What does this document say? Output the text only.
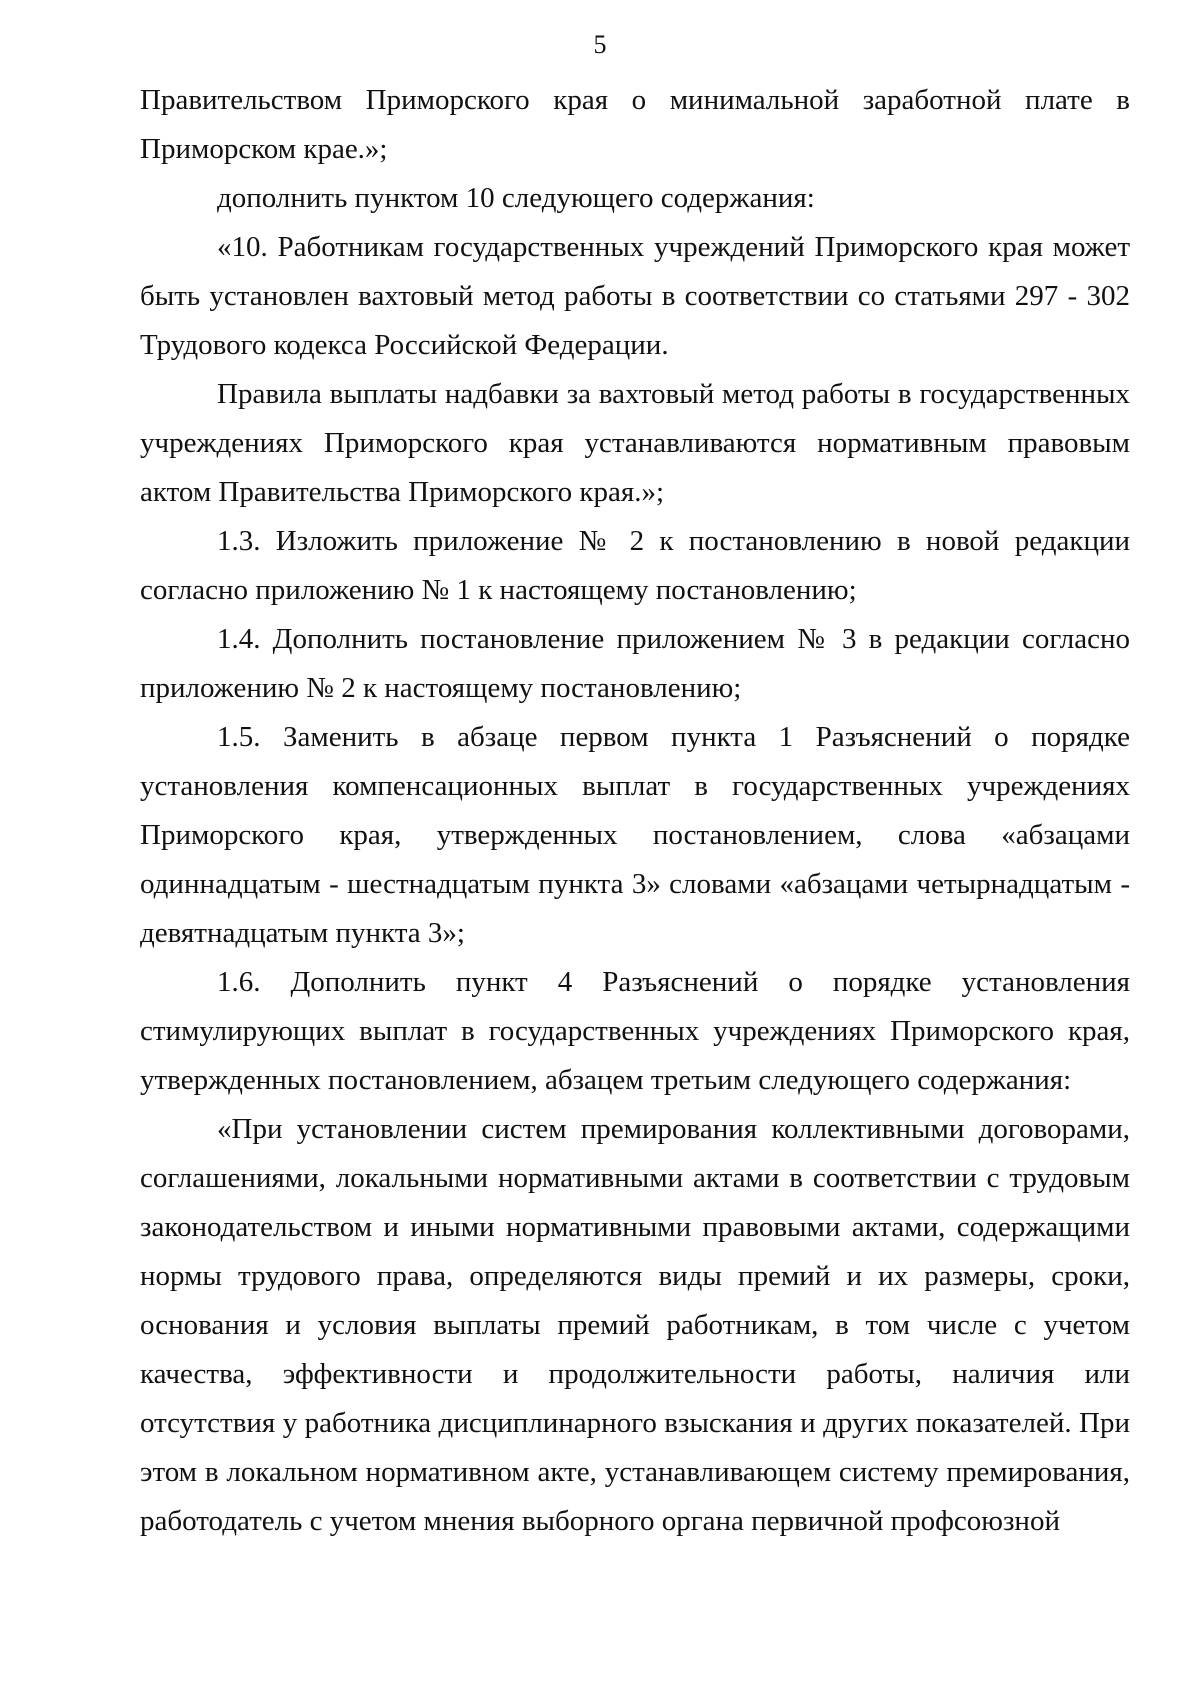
5

Правительством Приморского края о минимальной заработной плате в Приморском крае.»;

дополнить пунктом 10 следующего содержания:

«10. Работникам государственных учреждений Приморского края может быть установлен вахтовый метод работы в соответствии со статьями 297 - 302 Трудового кодекса Российской Федерации.

Правила выплаты надбавки за вахтовый метод работы в государственных учреждениях Приморского края устанавливаются нормативным правовым актом Правительства Приморского края.»;

1.3. Изложить приложение № 2 к постановлению в новой редакции согласно приложению № 1 к настоящему постановлению;

1.4. Дополнить постановление приложением № 3 в редакции согласно приложению № 2 к настоящему постановлению;

1.5. Заменить в абзаце первом пункта 1 Разъяснений о порядке установления компенсационных выплат в государственных учреждениях Приморского края, утвержденных постановлением, слова «абзацами одиннадцатым - шестнадцатым пункта 3» словами «абзацами четырнадцатым - девятнадцатым пункта 3»;

1.6. Дополнить пункт 4 Разъяснений о порядке установления стимулирующих выплат в государственных учреждениях Приморского края, утвержденных постановлением, абзацем третьим следующего содержания:

«При установлении систем премирования коллективными договорами, соглашениями, локальными нормативными актами в соответствии с трудовым законодательством и иными нормативными правовыми актами, содержащими нормы трудового права, определяются виды премий и их размеры, сроки, основания и условия выплаты премий работникам, в том числе с учетом качества, эффективности и продолжительности работы, наличия или отсутствия у работника дисциплинарного взыскания и других показателей. При этом в локальном нормативном акте, устанавливающем систему премирования, работодатель с учетом мнения выборного органа первичной профсоюзной
